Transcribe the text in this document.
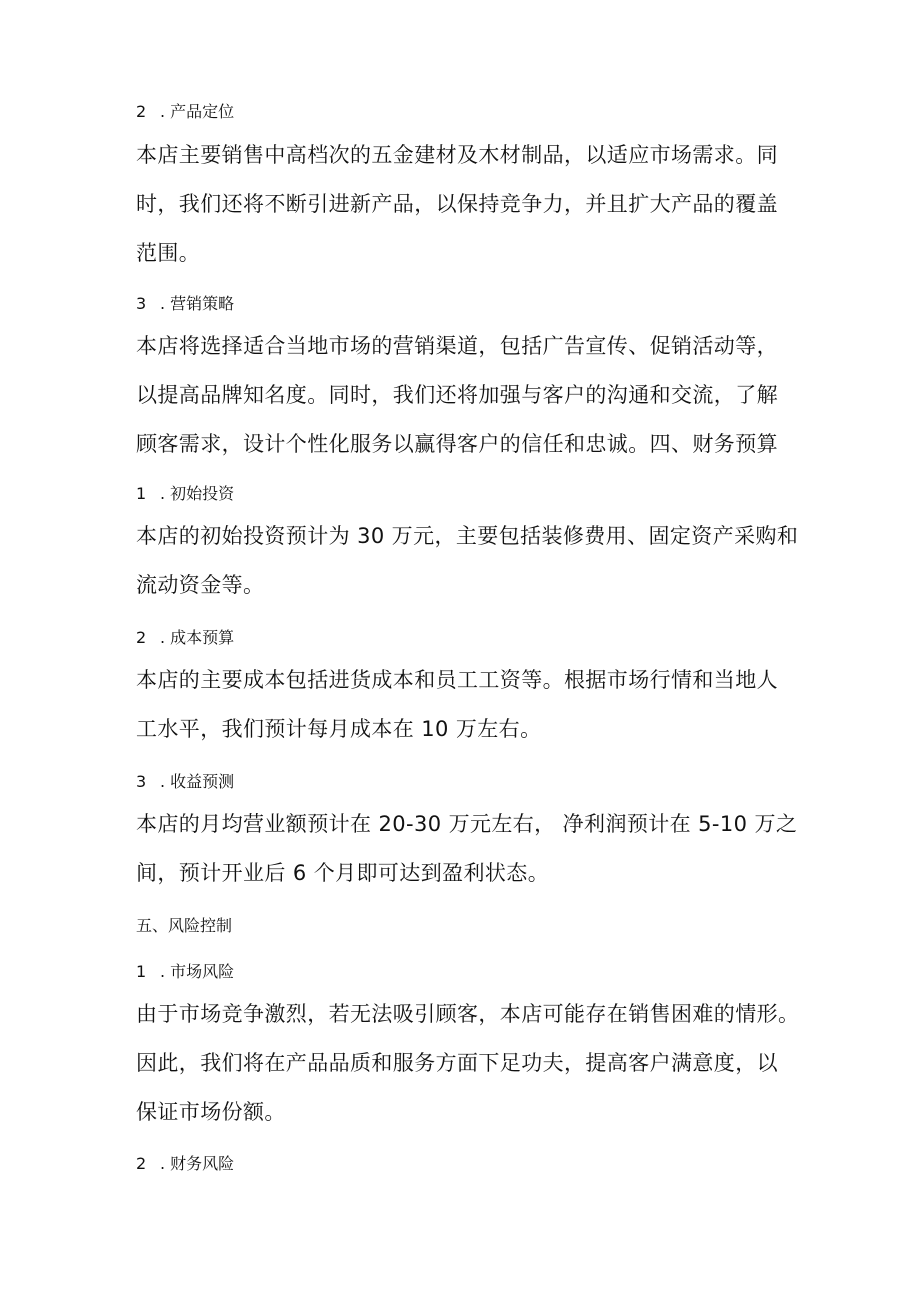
2 . 产品定位

本店主要销售中高档次的五金建材及木材制品，以适应市场需求。同
时，我们还将不断引进新产品，以保持竞争力，并且扩大产品的覆盖
范围。

3 . 营销策略

本店将选择适合当地市场的营销渠道，包括广告宣传、促销活动等，
以提高品牌知名度。同时，我们还将加强与客户的沟通和交流，了解
顾客需求，设计个性化服务以赢得客户的信任和忠诚。四、财务预算

1 . 初始投资

本店的初始投资预计为 30 万元，主要包括装修费用、固定资产采购和
流动资金等。

2 . 成本预算

本店的主要成本包括进货成本和员工工资等。根据市场行情和当地人
工水平，我们预计每月成本在 10 万左右。

3 . 收益预测

本店的月均营业额预计在 20-30 万元左右， 净利润预计在 5-10 万之
间，预计开业后 6 个月即可达到盈利状态。

五、风险控制
1 . 市场风险

由于市场竞争激烈，若无法吸引顾客，本店可能存在销售困难的情形。
因此，我们将在产品品质和服务方面下足功夫，提高客户满意度，以
保证市场份额。

2 . 财务风险
